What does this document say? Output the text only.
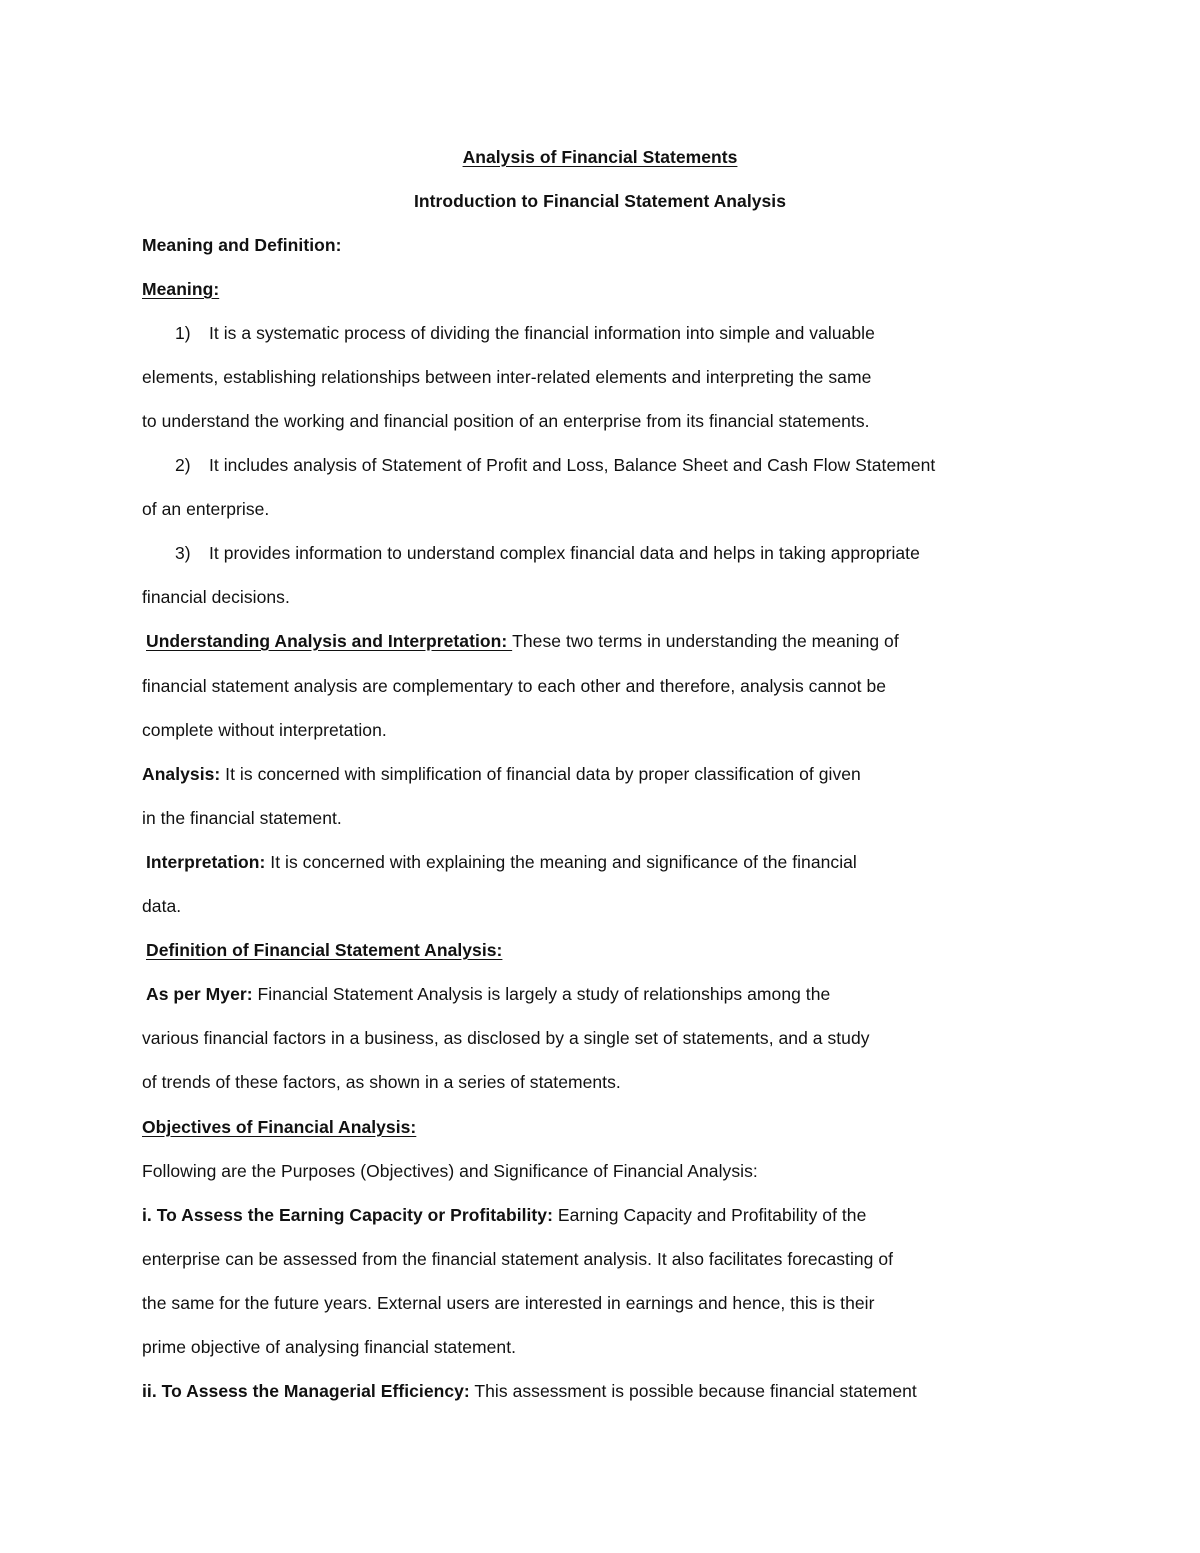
Analysis of Financial Statements
Introduction to Financial Statement Analysis
Meaning and Definition:
Meaning:
1) It is a systematic process of dividing the financial information into simple and valuable
elements, establishing relationships between inter-related elements and interpreting the same
to understand the working and financial position of an enterprise from its financial statements.
2) It includes analysis of Statement of Profit and Loss, Balance Sheet and Cash Flow Statement
of an enterprise.
3) It provides information to understand complex financial data and helps in taking appropriate
financial decisions.
Understanding Analysis and Interpretation: These two terms in understanding the meaning of
financial statement analysis are complementary to each other and therefore, analysis cannot be
complete without interpretation.
Analysis: It is concerned with simplification of financial data by proper classification of given
in the financial statement.
Interpretation: It is concerned with explaining the meaning and significance of the financial
data.
Definition of Financial Statement Analysis:
As per Myer: Financial Statement Analysis is largely a study of relationships among the
various financial factors in a business, as disclosed by a single set of statements, and a study
of trends of these factors, as shown in a series of statements.
Objectives of Financial Analysis:
Following are the Purposes (Objectives) and Significance of Financial Analysis:
i. To Assess the Earning Capacity or Profitability: Earning Capacity and Profitability of the
enterprise can be assessed from the financial statement analysis. It also facilitates forecasting of
the same for the future years. External users are interested in earnings and hence, this is their
prime objective of analysing financial statement.
ii. To Assess the Managerial Efficiency: This assessment is possible because financial statement
